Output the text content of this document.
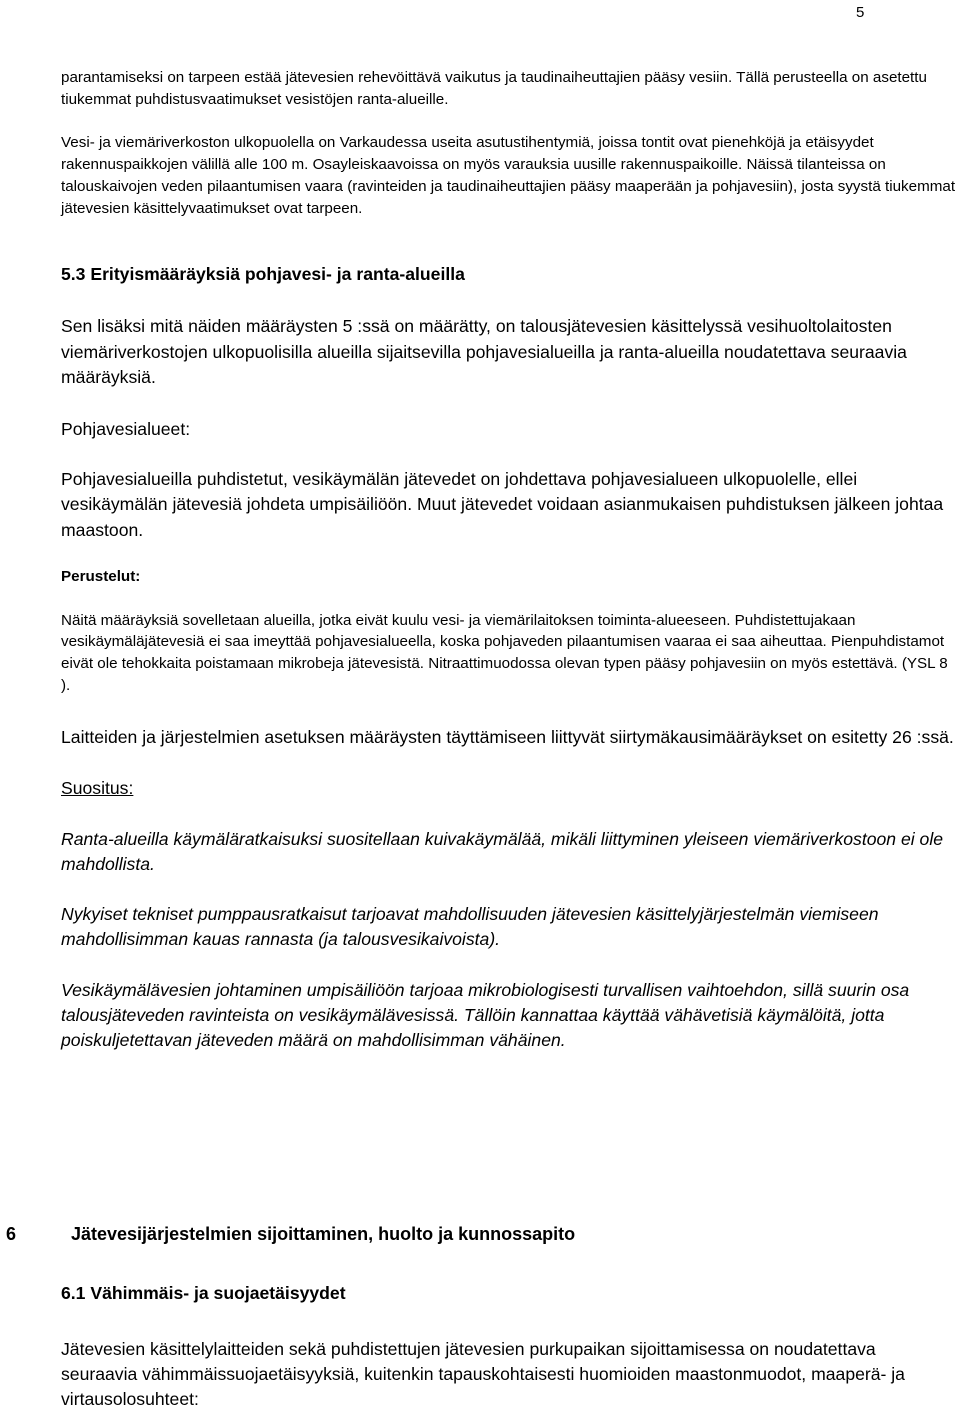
5

parantamiseksi on tarpeen estää jätevesien rehevöittävä vaikutus ja taudinaiheuttajien pääsy vesiin. Tällä perusteella on asetettu tiukemmat puhdistusvaatimukset vesistöjen ranta-alueille.

Vesi- ja viemäriverkoston ulkopuolella on Varkaudessa useita asutustihentymiä, joissa tontit ovat pienehköjä ja etäisyydet rakennuspaikkojen välillä alle 100 m. Osayleiskaavoissa on myös varauksia uusille rakennuspaikoille. Näissä tilanteissa on talouskaivojen veden pilaantumisen vaara (ravinteiden ja taudinaiheuttajien pääsy maaperään ja pohjavesiin), josta syystä tiukemmat jätevesien käsittelyvaatimukset ovat tarpeen.

5.3 Erityismääräyksiä pohjavesi- ja ranta-alueilla

Sen lisäksi mitä näiden määräysten 5 :ssä on määrätty, on talousjätevesien käsittelyssä vesihuoltolaitosten viemäriverkostojen ulkopuolisilla alueilla sijaitsevilla pohjavesialueilla ja ranta-alueilla noudatettava seuraavia määräyksiä.

Pohjavesialueet:

Pohjavesialueilla puhdistetut, vesikäymälän jätevedet on johdettava pohjavesialueen ulkopuolelle, ellei vesikäymälän jätevesiä johdeta umpisäiliöön. Muut jätevedet voidaan asianmukaisen puhdistuksen jälkeen johtaa maastoon.

Perustelut:

Näitä määräyksiä sovelletaan alueilla, jotka eivät kuulu vesi- ja viemärilaitoksen toiminta-alueeseen. Puhdistettujakaan vesikäymäläjätevesiä ei saa imeyttää pohjavesialueella, koska pohjaveden pilaantumisen vaaraa ei saa aiheuttaa. Pienpuhdistamot eivät ole tehokkaita poistamaan mikrobeja jätevesistä. Nitraattimuodossa olevan typen pääsy pohjavesiin on myös estettävä. (YSL 8 ).

Laitteiden ja järjestelmien asetuksen määräysten täyttämiseen liittyvät siirtymäkausimääräykset on esitetty 26 :ssä.

Suositus:

Ranta-alueilla käymäläratkaisuksi suositellaan kuivakäymälää, mikäli liittyminen yleiseen viemäriverkostoon ei ole mahdollista.

Nykyiset tekniset pumppausratkaisut tarjoavat mahdollisuuden jätevesien käsittelyjärjestelmän viemiseen mahdollisimman kauas rannasta (ja talousvesikaivoista).

Vesikäymälävesien johtaminen umpisäiliöön tarjoaa mikrobiologisesti turvallisen vaihtoehdon, sillä suurin osa talousjäteveden ravinteista on vesikäymälävesissä. Tällöin kannattaa käyttää vähävetisiä käymälöitä, jotta poiskuljetettavan jäteveden määrä on mahdollisimman vähäinen.

6	Jätevesijärjestelmien sijoittaminen, huolto ja kunnossapito

6.1 Vähimmäis- ja suojaetäisyydet

Jätevesien käsittelylaitteiden sekä puhdistettujen jätevesien purkupaikan sijoittamisessa on noudatettava seuraavia vähimmäissuojaetäisyyksiä, kuitenkin tapauskohtaisesti huomioiden maastonmuodot, maaperä- ja virtausolosuhteet:
